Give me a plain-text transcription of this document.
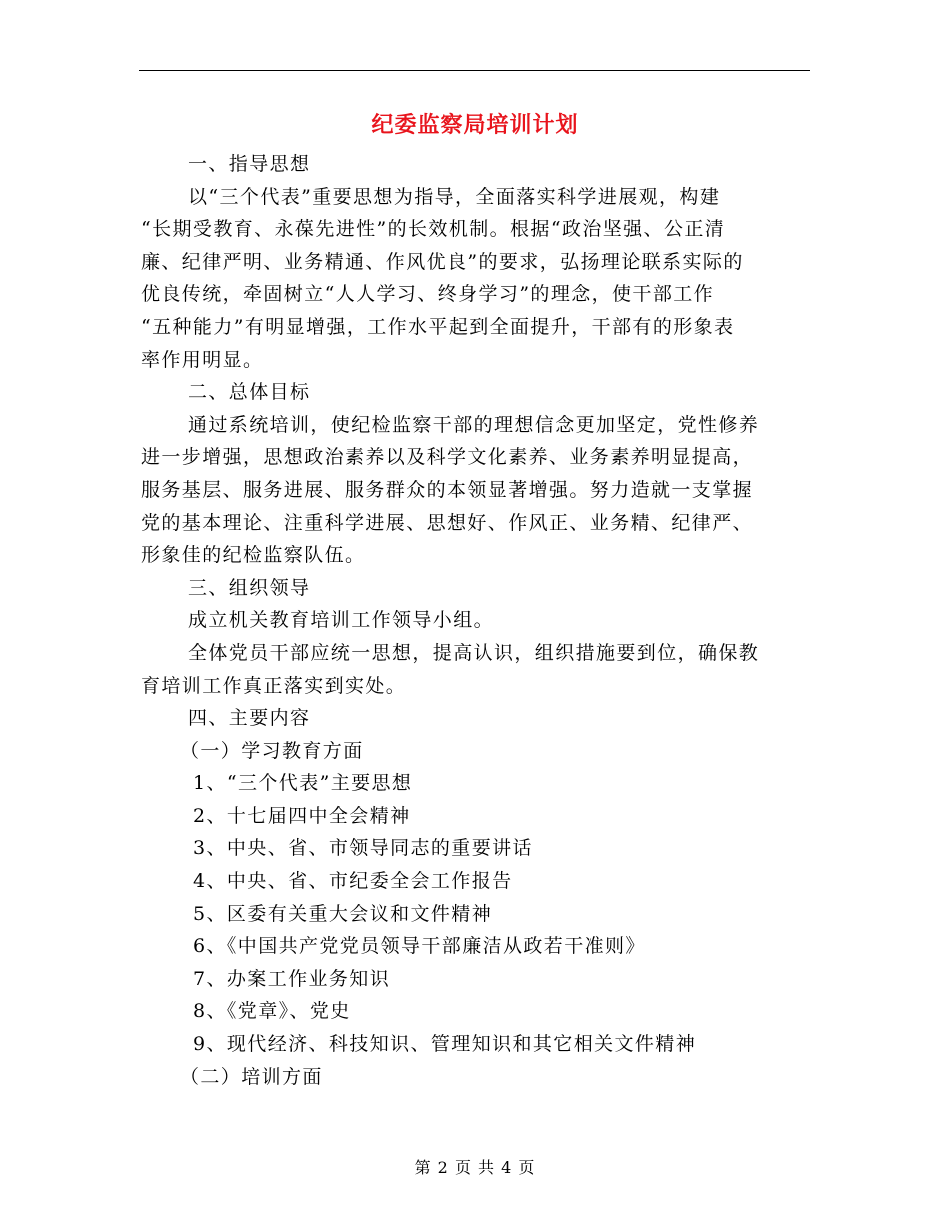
纪委监察局培训计划
一、指导思想
以“三个代表”重要思想为指导，全面落实科学进展观，构建
“长期受教育、永葆先进性”的长效机制。根据“政治坚强、公正清
廉、纪律严明、业务精通、作风优良”的要求，弘扬理论联系实际的
优良传统，牵固树立“人人学习、终身学习”的理念，使干部工作
“五种能力”有明显增强，工作水平起到全面提升，干部有的形象表
率作用明显。
二、总体目标
通过系统培训，使纪检监察干部的理想信念更加坚定，党性修养
进一步增强，思想政治素养以及科学文化素养、业务素养明显提高，
服务基层、服务进展、服务群众的本领显著增强。努力造就一支掌握
党的基本理论、注重科学进展、思想好、作风正、业务精、纪律严、
形象佳的纪检监察队伍。
三、组织领导
成立机关教育培训工作领导小组。
全体党员干部应统一思想，提高认识，组织措施要到位，确保教
育培训工作真正落实到实处。
四、主要内容
（一）学习教育方面
1、“三个代表”主要思想
2、十七届四中全会精神
3、中央、省、市领导同志的重要讲话
4、中央、省、市纪委全会工作报告
5、区委有关重大会议和文件精神
6、《中国共产党党员领导干部廉洁从政若干准则》
7、办案工作业务知识
8、《党章》、党史
9、现代经济、科技知识、管理知识和其它相关文件精神
（二）培训方面
第 2 页 共 4 页
